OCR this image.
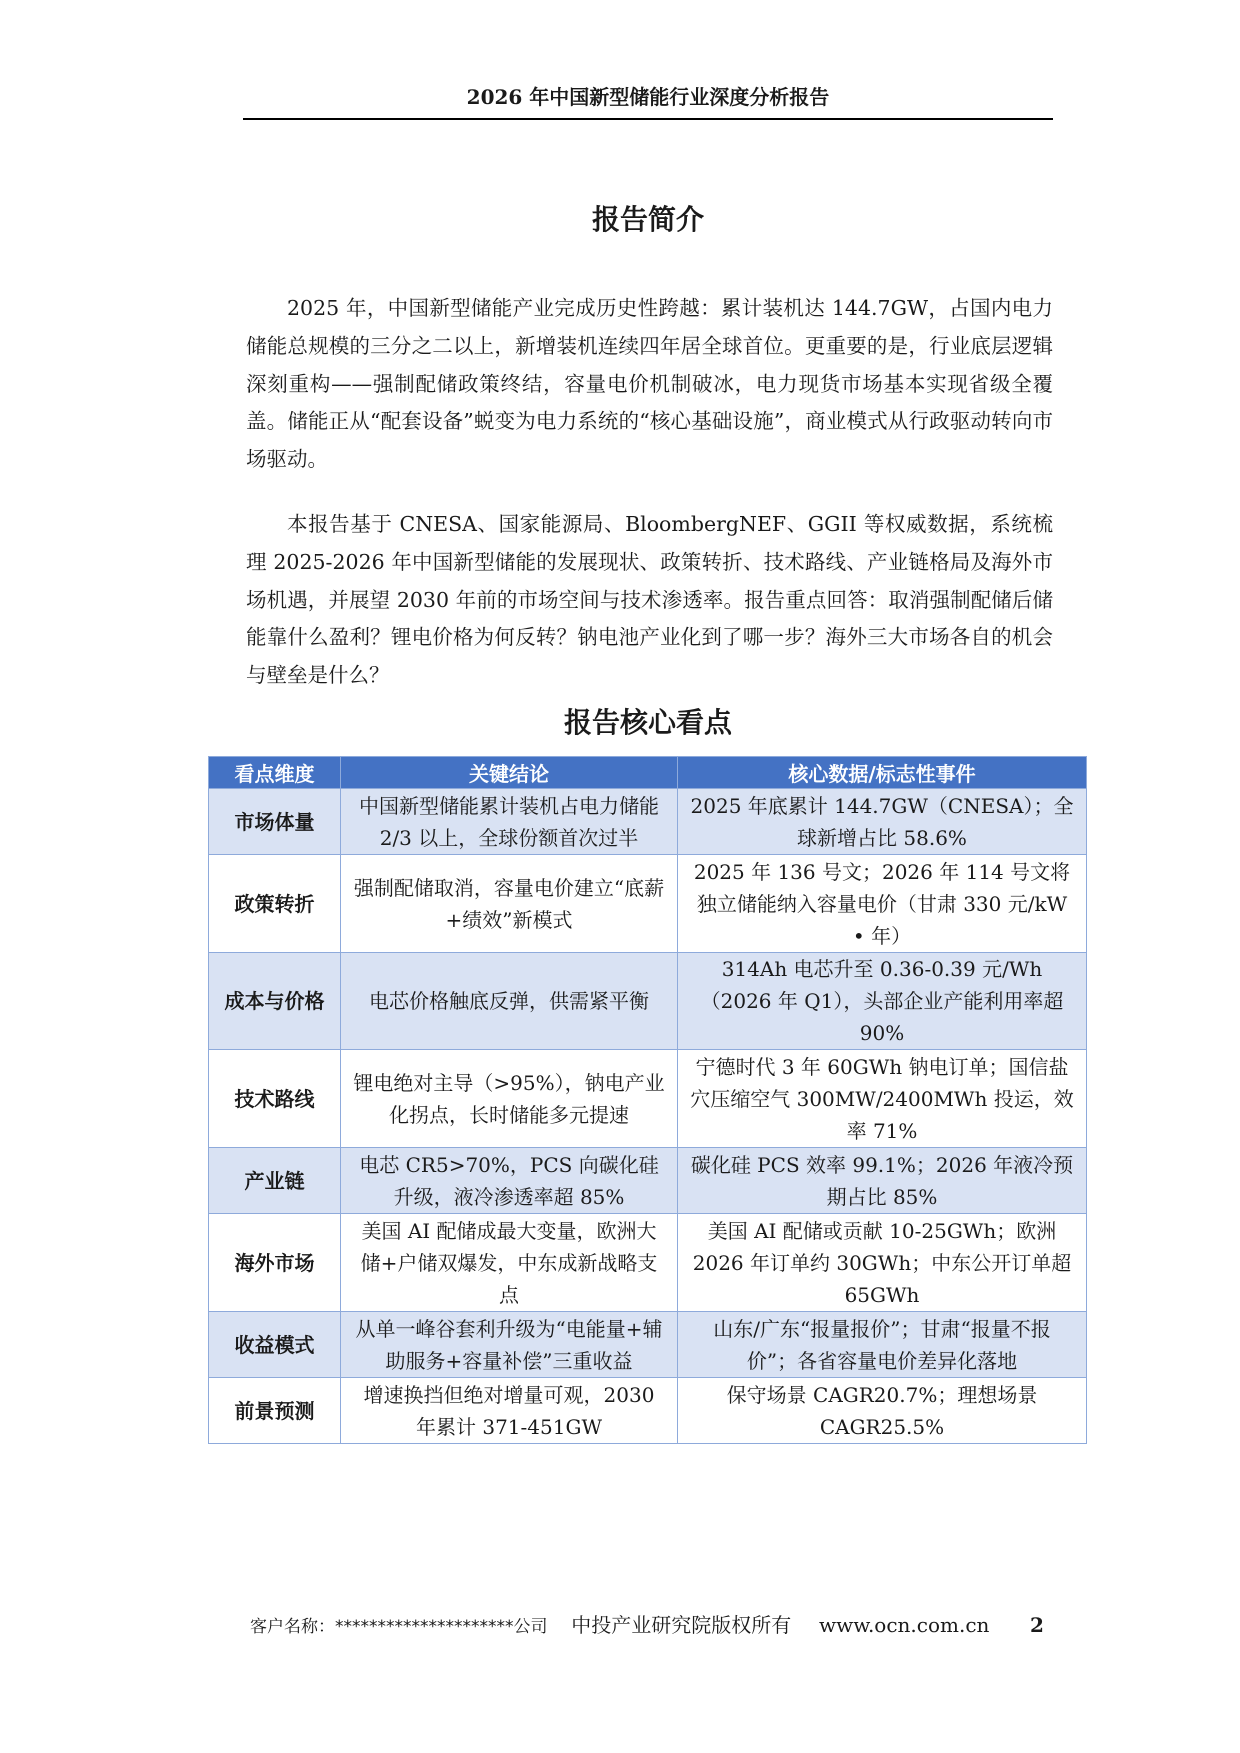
2026 年中国新型储能行业深度分析报告
报告简介

2025 年，中国新型储能产业完成历史性跨越：累计装机达 144.7GW，占国内电力储能总规模的三分之二以上，新增装机连续四年居全球首位。更重要的是，行业底层逻辑深刻重构——强制配储政策终结，容量电价机制破冰，电力现货市场基本实现省级全覆盖。储能正从“配套设备”蜕变为电力系统的“核心基础设施”，商业模式从行政驱动转向市场驱动。

本报告基于 CNESA、国家能源局、BloombergNEF、GGII 等权威数据，系统梳理 2025-2026 年中国新型储能的发展现状、政策转折、技术路线、产业链格局及海外市场机遇，并展望 2030 年前的市场空间与技术渗透率。报告重点回答：取消强制配储后储能靠什么盈利？锂电价格为何反转？钠电池产业化到了哪一步？海外三大市场各自的机会与壁垒是什么？

报告核心看点
看点维度	关键结论	核心数据/标志性事件
市场体量	中国新型储能累计装机占电力储能 2/3 以上，全球份额首次过半	2025 年底累计 144.7GW（CNESA）；全球新增占比 58.6%
政策转折	强制配储取消，容量电价建立“底薪+绩效”新模式	2025 年 136 号文；2026 年 114 号文将独立储能纳入容量电价（甘肃 330 元/kW • 年）
成本与价格	电芯价格触底反弹，供需紧平衡	314Ah 电芯升至 0.36-0.39 元/Wh（2026 年 Q1），头部企业产能利用率超 90%
技术路线	锂电绝对主导（>95%），钠电产业化拐点，长时储能多元提速	宁德时代 3 年 60GWh 钠电订单；国信盐穴压缩空气 300MW/2400MWh 投运，效率 71%
产业链	电芯 CR5>70%，PCS 向碳化硅升级，液冷渗透率超 85%	碳化硅 PCS 效率 99.1%；2026 年液冷预期占比 85%
海外市场	美国 AI 配储成最大变量，欧洲大储+户储双爆发，中东成新战略支点	美国 AI 配储或贡献 10-25GWh；欧洲 2026 年订单约 30GWh；中东公开订单超 65GWh
收益模式	从单一峰谷套利升级为“电能量+辅助服务+容量补偿”三重收益	山东/广东“报量报价”；甘肃“报量不报价”；各省容量电价差异化落地
前景预测	增速换挡但绝对增量可观，2030 年累计 371-451GW	保守场景 CAGR20.7%；理想场景 CAGR25.5%
客户名称：*********************公司 中投产业研究院版权所有 www.ocn.com.cn 2
